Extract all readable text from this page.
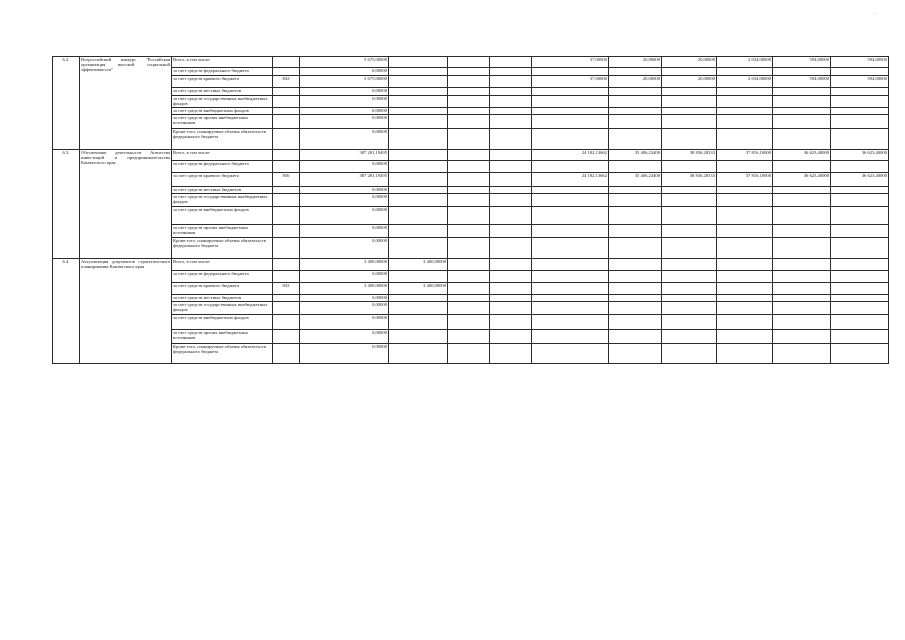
·
6.2.	Всероссийский конкурс "Российская организация высокой социальной эффективности"	Всего, в том числе:		5 675,00000				37,00000	20,00000	20,00000	2 034,00000	594,00000	594,00000
		за счет средств федерального бюджета		0,00000									
		за счет средств краевого бюджета	843	5 675,00000				37,00000	20,00000	20,00000	2 034,00000	594,00000	594,00000
		за счет средств местных бюджетов		0,00000									
		за счет средств государственных внебюджетных фондов		0,00000									
		за счет средств внебюджетных фондов		0,00000									
		за счет средств прочих внебюджетных источников		0,00000									
		Кроме того, планируемые объемы обязательств федерального бюджета		0,00000									
6.3.	Обеспечение деятельности Агентства инвестиций и предпринимательства Камчатского края	Всего, в том числе:		387 281,19495				24 182,13662	35 406,23400	38 836,28333	37 816,10000	36 623,40000	36 623,40000
		за счет средств федерального бюджета		0,00000									
		за счет средств краевого бюджета	856	387 281,19495				24 182,13662	35 406,23400	38 836,28333	37 816,10000	36 623,40000	36 623,40000
		за счет средств местных бюджетов		0,00000									
		за счет средств государственных внебюджетных фондов		0,00000									
		за счет средств внебюджетных фондов		0,00000									
		за счет средств прочих внебюджетных источников		0,00000									
		Кроме того, планируемые объемы обязательств федерального бюджета		0,00000									
6.4.	Актуализация документов стратегического планирования Камчатского края	Всего, в том числе:		3 400,00000	3 400,00000								
		за счет средств федерального бюджета		0,00000									
		за счет средств краевого бюджета	843	3 400,00000	3 400,00000								
		за счет средств местных бюджетов		0,00000									
		за счет средств государственных внебюджетных фондов		0,00000									
		за счет средств внебюджетных фондов		0,00000									
		за счет средств прочих внебюджетных источников		0,00000									
		Кроме того, планируемые объемы обязательств федерального бюджета		0,00000									
